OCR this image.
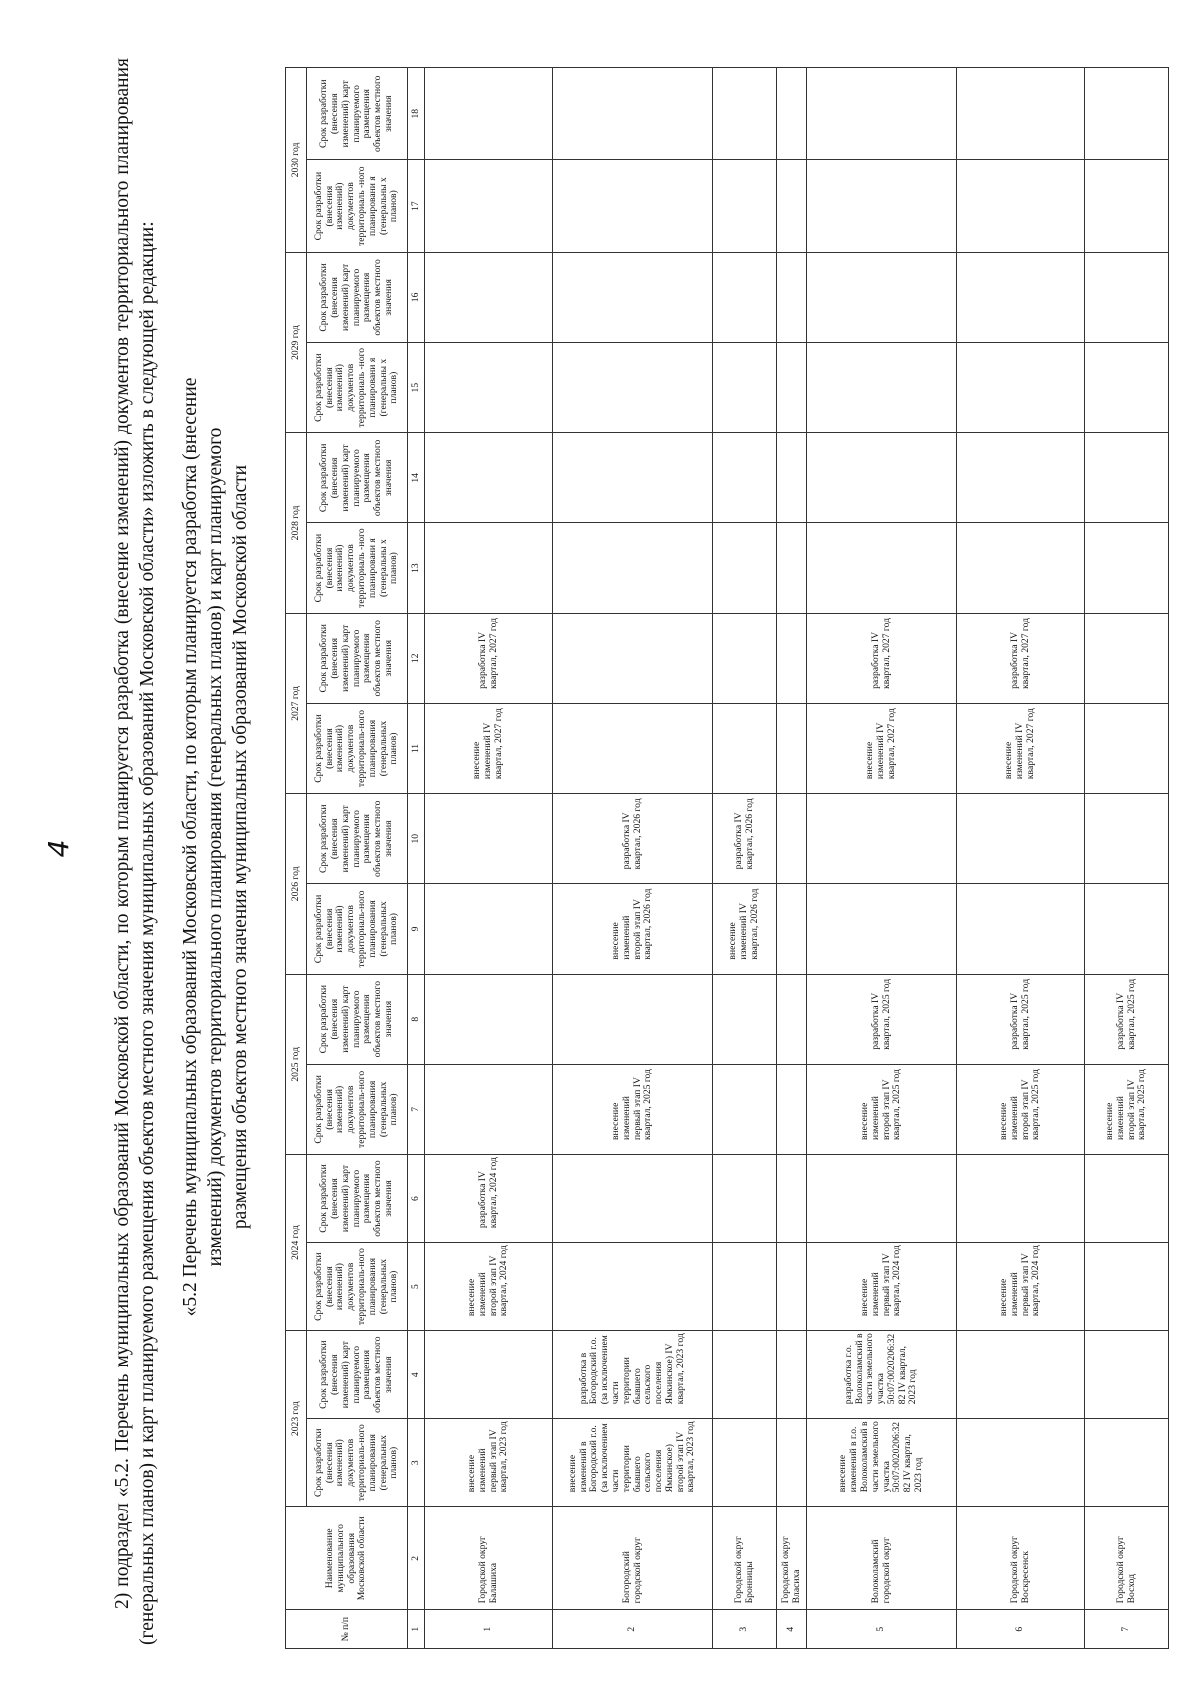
4 2) подраздел «5.2. Перечень муниципальных образований Московской области, по которым планируется разработка (внесение изменений) документов территориального планирования (генеральных планов) и карт планируемого размещения объектов местного значения муниципальных образований Московской области» изложить в следующей редакции: «5.2 Перечень муниципальных образований Московской области, по которым планируется разработка (внесение изменений) документов территориального планирования (генеральных планов) и карт планируемого размещения объектов местного значения муниципальных образований Московской области
№ п/п	Наименование муниципального образования Московской области	2023 год		2024 год		2025 год		2026 год		2027 год		2028 год		2029 год		2030 год	
		Срок разработки (внесения изменений) документов территориаль-ного планирования (генеральных планов)	Срок разработки (внесения изменений) карт планируемого размещения объектов местного значения	Срок разработки (внесения изменений) документов территориаль-ного планирования (генеральных планов)	Срок разработки (внесения изменений) карт планируемого размещения объектов местного значения	Срок разработки (внесения изменений) документов территориаль-ного планирования (генеральных планов)	Срок разработки (внесения изменений) карт планируемого размещения объектов местного значения	Срок разработки (внесения изменений) документов территориаль-ного планирования (генеральных планов)	Срок разработки (внесения изменений) карт планируемого размещения объектов местного значения	Срок разработки (внесения изменений) документов территориаль-ного планирования (генеральных планов)	Срок разработки (внесения изменений) карт планируемого размещения объектов местного значения	Срок разработки (внесения изменений) документов территориаль -ного планировани я (генеральны х планов)	Срок разработки (внесения изменений) карт планируемого размещения объектов местного значения	Срок разработки (внесения изменений) документов территориаль -ного планировани я (генеральны х планов)	Срок разработки (внесения изменений) карт планируемого размещения объектов местного значения	Срок разработки (внесения изменений) документов территориаль -ного планировани я (генеральны х планов)	Срок разработки (внесения изменений) карт планируемого размещения объектов местного значения
1	2	3	4	5	6	7	8	9	10	11	12	13	14	15	16	17	18
1	Городской округ Балашиха	внесение изменений первый этап IV квартал, 2023 год		внесение изменений второй этап IV квартал, 2024 год	разработка IV квартал, 2024 год					внесение изменений IV квартал, 2027 год	разработка IV квартал, 2027 год						
2	Богородский городской округ	внесение изменений в Богородский г.о. (за исключением части территории бывшего сельского поселения Ямкинское) второй этап IV квартал, 2023 год	разработка в Богородский г.о. (за исключением части территории бывшего сельского поселения Ямкинское) IV квартал, 2023 год			внесение изменений первый этап IV квартал, 2025 год		внесение изменений второй этап IV квартал, 2026 год	разработка IV квартал, 2026 год								
3	Городской округ Бронницы							внесение изменений IV квартал, 2026 год	разработка IV квартал, 2026 год								
4	Городской округ Власиха																
5	Волоколамский городской округ	внесение изменений в г.о. Волоколамский в части земельного участка 50:07:0020206:32 82 IV квартал, 2023 год	разработка г.о. Волоколамский в части земельного участка 50:07:0020206:32 82 IV квартал, 2023 год	внесение изменений первый этап IV квартал, 2024 год		внесение изменений второй этап IV квартал, 2025 год	разработка IV квартал, 2025 год			внесение изменений IV квартал, 2027 год	разработка IV квартал, 2027 год						
6	Городской округ Воскресенск			внесение изменений первый этап IV квартал, 2024 год		внесение изменений второй этап IV квартал, 2025 год	разработка IV квартал, 2025 год			внесение изменений IV квартал, 2027 год	разработка IV квартал, 2027 год						
7	Городской округ Восход					внесение изменений второй этап IV квартал, 2025 год	разработка IV квартал, 2025 год										
